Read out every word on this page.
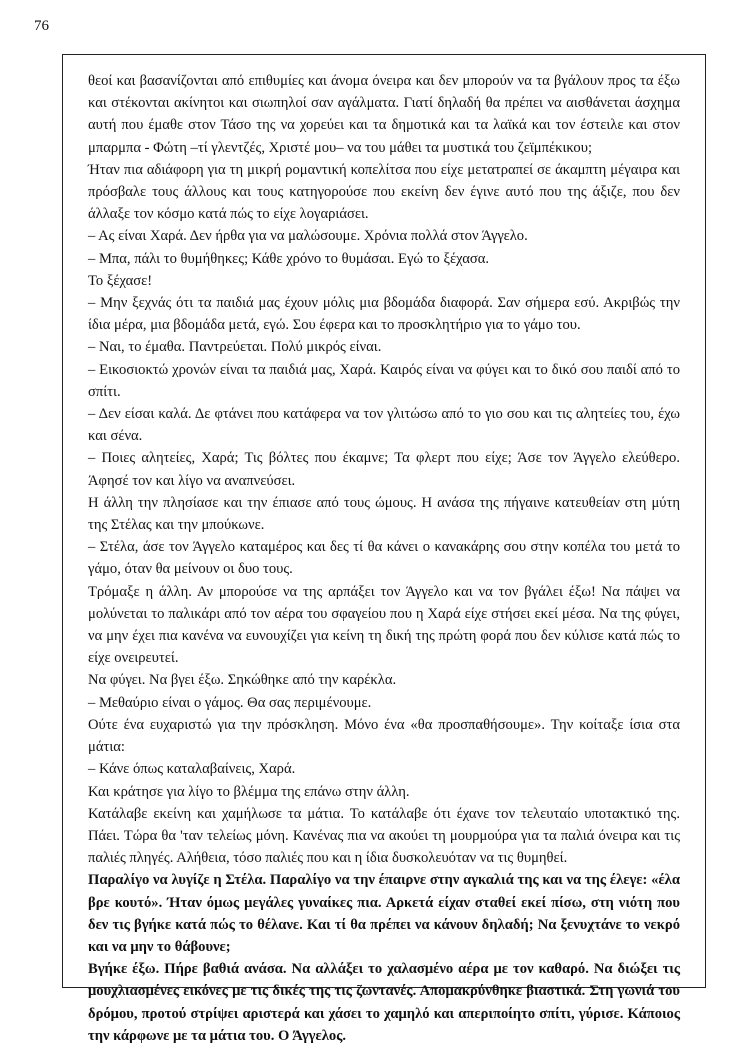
76

θεοί και βασανίζονται από επιθυμίες και άνομα όνειρα και δεν μπορούν να τα βγάλουν προς τα έξω και στέκονται ακίνητοι και σιωπηλοί σαν αγάλματα. Γιατί δηλαδή θα πρέπει να αισθάνεται άσχημα αυτή που έμαθε στον Τάσο της να χορεύει και τα δημοτικά και τα λαϊκά και τον έστειλε και στον μπαρμπα - Φώτη –τί γλεντζές, Χριστέ μου– να του μάθει τα μυστικά του ζεϊμπέκικου;

Ήταν πια αδιάφορη για τη μικρή ρομαντική κοπελίτσα που είχε μετατραπεί σε άκαμπτη μέγαιρα και πρόσβαλε τους άλλους και τους κατηγορούσε που εκείνη δεν έγινε αυτό που της άξιζε, που δεν άλλαξε τον κόσμο κατά πώς το είχε λογαριάσει.

– Ας είναι Χαρά. Δεν ήρθα για να μαλώσουμε. Χρόνια πολλά στον Άγγελο.

– Μπα, πάλι το θυμήθηκες; Κάθε χρόνο το θυμάσαι. Εγώ το ξέχασα.

Το ξέχασε!

– Μην ξεχνάς ότι τα παιδιά μας έχουν μόλις μια βδομάδα διαφορά. Σαν σήμερα εσύ. Ακριβώς την ίδια μέρα, μια βδομάδα μετά, εγώ. Σου έφερα και το προσκλητήριο για το γάμο του.

– Ναι, το έμαθα. Παντρεύεται. Πολύ μικρός είναι.

– Εικοσιοκτώ χρονών είναι τα παιδιά μας, Χαρά. Καιρός είναι να φύγει και το δικό σου παιδί από το σπίτι.

– Δεν είσαι καλά. Δε φτάνει που κατάφερα να τον γλιτώσω από το γιο σου και τις αλητείες του, έχω και σένα.

– Ποιες αλητείες, Χαρά; Τις βόλτες που έκαμνε; Τα φλερτ που είχε; Άσε τον Άγγελο ελεύθερο. Άφησέ τον και λίγο να αναπνεύσει.

Η άλλη την πλησίασε και την έπιασε από τους ώμους. Η ανάσα της πήγαινε κατευθείαν στη μύτη της Στέλας και την μπούκωνε.

– Στέλα, άσε τον Άγγελο καταμέρος και δες τί θα κάνει ο κανακάρης σου στην κοπέλα του μετά το γάμο, όταν θα μείνουν οι δυο τους.

Τρόμαξε η άλλη. Αν μπορούσε να της αρπάξει τον Άγγελο και να τον βγάλει έξω! Να πάψει να μολύνεται το παλικάρι από τον αέρα του σφαγείου που η Χαρά είχε στήσει εκεί μέσα. Να της φύγει, να μην έχει πια κανένα να ευνουχίζει για κείνη τη δική της πρώτη φορά που δεν κύλισε κατά πώς το είχε ονειρευτεί.

Να φύγει. Να βγει έξω. Σηκώθηκε από την καρέκλα.

– Μεθαύριο είναι ο γάμος. Θα σας περιμένουμε.

Ούτε ένα ευχαριστώ για την πρόσκληση. Μόνο ένα «θα προσπαθήσουμε». Την κοίταξε ίσια στα μάτια:

– Κάνε όπως καταλαβαίνεις, Χαρά.

Και κράτησε για λίγο το βλέμμα της επάνω στην άλλη.

Κατάλαβε εκείνη και χαμήλωσε τα μάτια. Το κατάλαβε ότι έχανε τον τελευταίο υποτακτικό της. Πάει. Τώρα θα 'ταν τελείως μόνη. Κανένας πια να ακούει τη μουρμούρα για τα παλιά όνειρα και τις παλιές πληγές. Αλήθεια, τόσο παλιές που και η ίδια δυσκολευόταν να τις θυμηθεί.

Παραλίγο να λυγίζε η Στέλα. Παραλίγο να την έπαιρνε στην αγκαλιά της και να της έλεγε: «έλα βρε κουτό». Ήταν όμως μεγάλες γυναίκες πια. Αρκετά είχαν σταθεί εκεί πίσω, στη νιότη που δεν τις βγήκε κατά πώς το θέλανε. Και τί θα πρέπει να κάνουν δηλαδή; Να ξενυχτάνε το νεκρό και να μην το θάβουνε;

Βγήκε έξω. Πήρε βαθιά ανάσα. Να αλλάξει το χαλασμένο αέρα με τον καθαρό. Να διώξει τις μουχλιασμένες εικόνες με τις δικές της τις ζωντανές. Απομακρύνθηκε βιαστικά. Στη γωνιά του δρόμου, προτού στρίψει αριστερά και χάσει το χαμηλό και απεριποίητο σπίτι, γύρισε. Κάποιος την κάρφωνε με τα μάτια του. Ο Άγγελος.
